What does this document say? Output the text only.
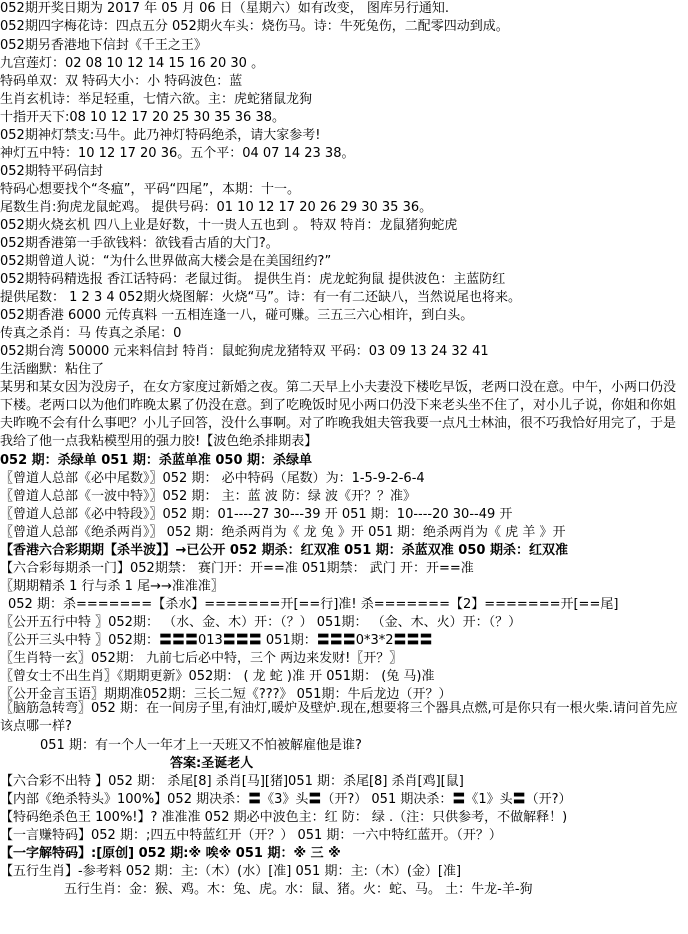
052期开奖日期为 2017 年 05 月 06 日（星期六）如有改变， 图库另行通知.
052期四字梅花诗：四点五分 052期火车头：烧伤马。诗：牛死兔伤，二配零四动到成。
052期另香港地下信封《千王之王》
九宫莲灯：02 08 10 12 14 15 16 20 30 。
特码单双：双 特码大小：小 特码波色：蓝
生肖玄机诗：举足轻重，七情六欲。主：虎蛇猪鼠龙狗
十指开天下:08 10 12 17 20 25 30 35 36 38。
052期神灯禁支:马牛。此乃神灯特码绝杀，请大家参考!
神灯五中特：10 12 17 20 36。五个平：04 07 14 23 38。
052期特平码信封
特码心想要找个“冬瘟”，平码“四尾”，本期：十一。
尾数生肖:狗虎龙鼠蛇鸡。 提供号码：01 10 12 17 20 26 29 30 35 36。
052期火烧玄机 四八上业是好数，十一贵人五也到 。 特双 特肖：龙鼠猪狗蛇虎
052期香港第一手欲钱料：欲钱看古盾的大门?。
052期曾道人说：“为什么世界做高大楼会是在美国纽约?”
052期特码精选报 香江话特码：老鼠过街。 提供生肖：虎龙蛇狗鼠 提供波色：主蓝防红
提供尾数： 1 2 3 4 052期火烧图解：火烧“马”。诗：有一有二还缺八，当然说尾也将来。
052期香港 6000 元传真料 一五相连逢一八，碰可赚。三五三六心相许，到白头。
传真之杀肖：马 传真之杀尾：0
052期台湾 50000 元来料信封 特肖：鼠蛇狗虎龙猪特双 平码：03 09 13 24 32 41
生活幽默：粘住了
052 期：杀绿单 051 期：杀蓝单准 050 期：杀绿单
〖曾道人总部《必中尾数》〗052 期： 必中特码（尾数）为：1-5-9-2-6-4
〖曾道人总部《一波中特》〗052 期： 主：蓝 波 防：绿 波《开？？准》
〖曾道人总部《必中特段》〗052 期：01----27 30---39 开 051 期：10----20 30--49 开
〖曾道人总部《绝杀两肖》〗 052 期：绝杀两肖为《 龙 兔 》开 051 期：绝杀两肖为《 虎 羊 》开
【香港六合彩期期【杀半波】】→已公开 052 期杀：红双准 051 期：杀蓝双准 050 期杀：红双准
【六合彩每期杀一门】052期禁： 赛门开：开==准 051期禁： 武门 开：开==准
〖期期精杀 1 行与杀 1 尾→→准准准〗
052 期：杀=======【杀水】=======开[==行]准! 杀=======【2】=======开[==尾]
〖公开五行中特 〗052期： （水、金、木）开：（？） 051期： （金、木、火）开：（？）
〖公开三头中特 〗052期：〓〓〓013〓〓〓 051期：〓〓〓0*3*2〓〓〓
〖生肖特一玄〗052期： 九前七后必中特，三个 两边来发财!〖开？〗
〖曾女士不出生肖〗《期期更新》052期： ( 龙 蛇 )准 开 051期： (兔 马)准
〖公开金言玉语〗期期准052期：三长二短《???》 051期：牛后龙边（开？）
051 期：有一个人一年才上一天班又不怕被解雇他是谁?
答案:圣诞老人
【六合彩不出特 】052 期： 杀尾[8] 杀肖[马][猪]051 期：杀尾[8] 杀肖[鸡][鼠]
【内部《绝杀特头》100%】052 期决杀：〓《3》头〓（开?） 051 期决杀：〓《1》头〓（开?）
【特码绝杀色王 100%!】? 准准准 052 期必中波色主：红 防： 绿 .（注：只供参考，不做解释！)
【一言赚特码】052 期：;四五中特蓝红开（开？） 051 期：一六中特红蓝开。（开？）
【一字解特码】:[原创] 052 期:※ 唉※ 051 期：※ 三 ※
【五行生肖】-参考料 052 期：主:（木）(水）[准] 051 期：主:（木）(金）[准]
五行生肖：金：猴、鸡。木：兔、虎。水：鼠、猪。火：蛇、马。 土：牛龙-羊-狗
某男和某女因为没房子，在女方家度过新婚之夜。第二天早上小夫妻没下楼吃早饭，老两口没在意。中午，小两口仍没下楼。老两口以为他们昨晚太累了仍没在意。到了吃晚饭时见小两口仍没下来老头坐不住了，对小儿子说，你姐和你姐夫昨晚不会有什么事吧？小儿子回答，没什么事啊。对了昨晚我姐夫管我要一点凡士林油，很不巧我恰好用完了，于是我给了他一点我粘模型用的强力胶!【波色绝杀排期表】
〖脑筋急转弯〗052 期：在一间房子里,有油灯,暖炉及壁炉.现在,想要将三个器具点燃,可是你只有一根火柴.请问首先应该点哪一样?
